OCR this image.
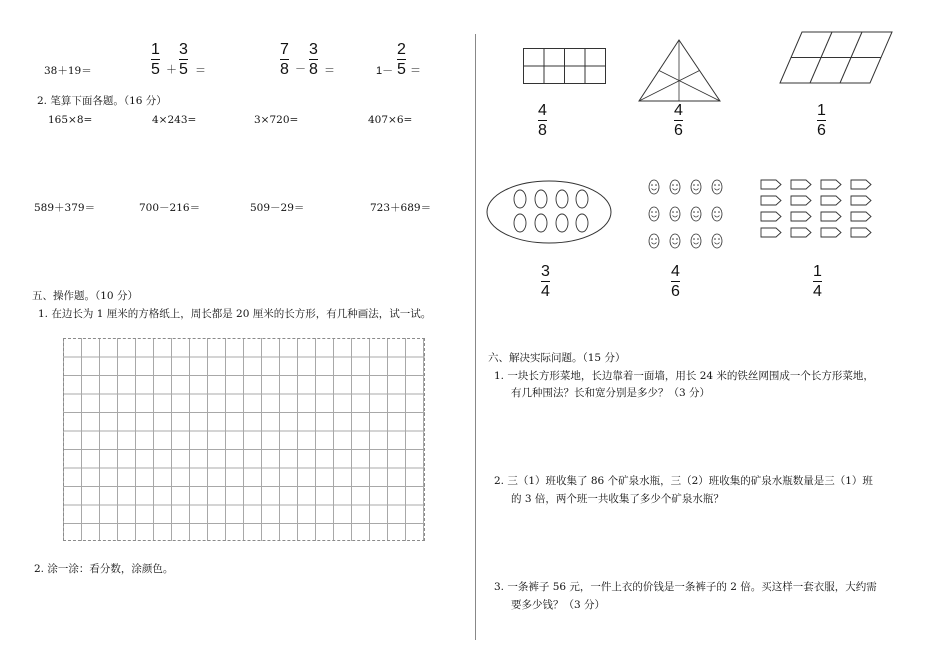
38＋19＝
1
5 ＋
3
5 ＝
7
8 －
3
8 ＝	1－
2
5 ＝
2. 笔算下面各题。（16 分）
165×8=	4×243=	3×720=	407×6=
589＋379＝	700－216＝	509－29＝	723＋689＝
五、操作题。（10 分）
1. 在边长为 1 厘米的方格纸上，周长都是 20 厘米的长方形，有几种画法，试一试。
2. 涂一涂：看分数，涂颜色。
4
8
4
6
1
6
3
4
4
6
1
4
六、解决实际问题。（15 分）
1. 一块长方形菜地，长边靠着一面墙，用长 24 米的铁丝网围成一个长方形菜地，
有几种围法？长和宽分别是多少？（3 分）
2. 三（1）班收集了 86 个矿泉水瓶，三（2）班收集的矿泉水瓶数量是三（1）班
的 3 倍，两个班一共收集了多少个矿泉水瓶？
3. 一条裤子 56 元，一件上衣的价钱是一条裤子的 2 倍。买这样一套衣服，大约需
要多少钱？（3 分）
